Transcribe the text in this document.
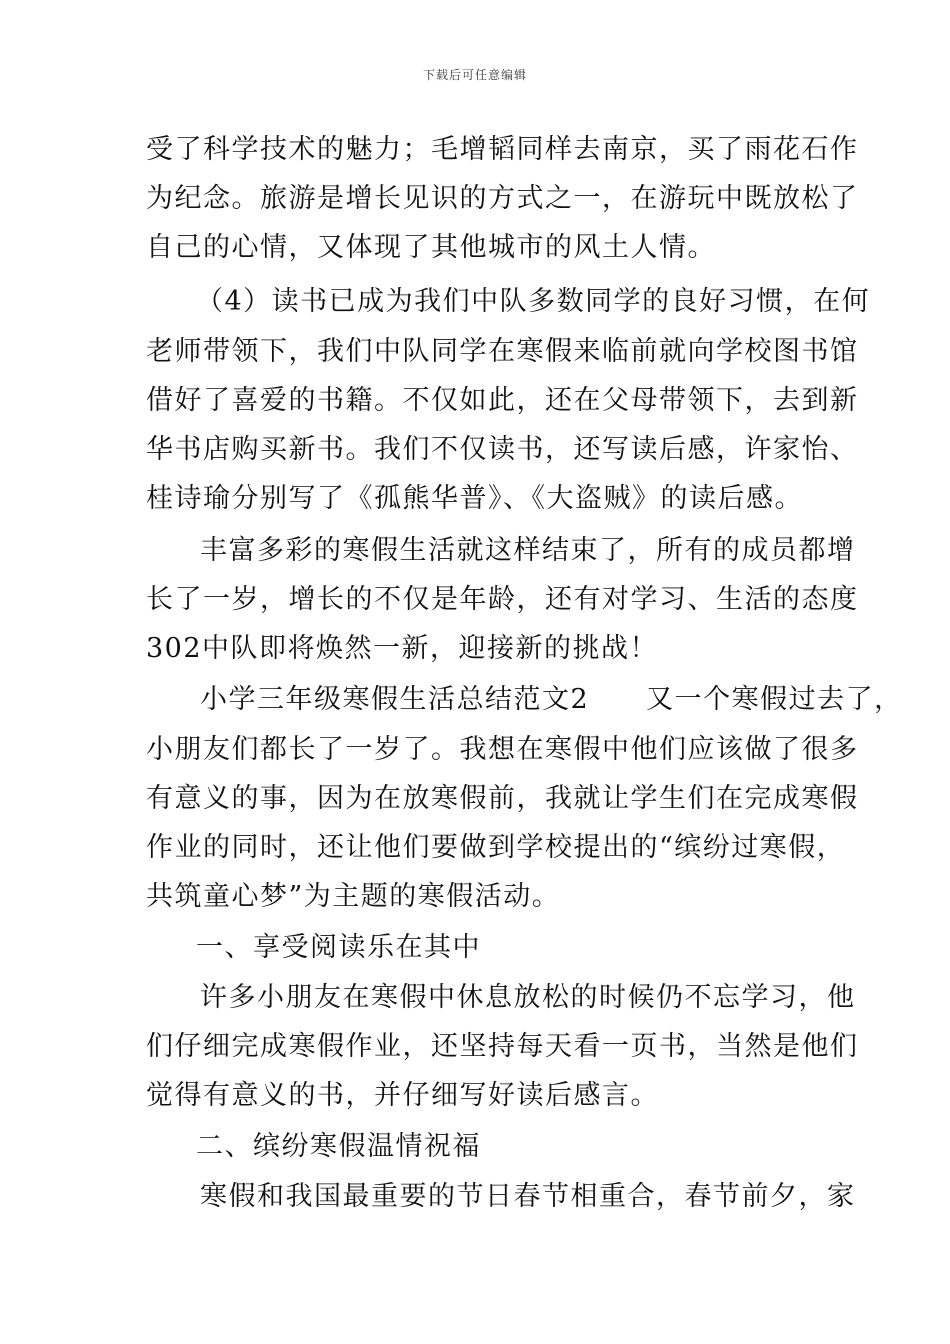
下载后可任意编辑
受了科学技术的魅力；毛增韬同样去南京，买了雨花石作
为纪念。旅游是增长见识的方式之一，在游玩中既放松了
自己的心情，又体现了其他城市的风土人情。
（4）读书已成为我们中队多数同学的良好习惯，在何
老师带领下，我们中队同学在寒假来临前就向学校图书馆
借好了喜爱的书籍。不仅如此，还在父母带领下，去到新
华书店购买新书。我们不仅读书，还写读后感，许家怡、
桂诗瑜分别写了《孤熊华普》、《大盗贼》的读后感。
丰富多彩的寒假生活就这样结束了，所有的成员都增
长了一岁，增长的不仅是年龄，还有对学习、生活的态度
302中队即将焕然一新，迎接新的挑战！
小学三年级寒假生活总结范文2　　又一个寒假过去了，
小朋友们都长了一岁了。我想在寒假中他们应该做了很多
有意义的事，因为在放寒假前，我就让学生们在完成寒假
作业的同时，还让他们要做到学校提出的“缤纷过寒假，
共筑童心梦”为主题的寒假活动。
一、享受阅读乐在其中
许多小朋友在寒假中休息放松的时候仍不忘学习，他
们仔细完成寒假作业，还坚持每天看一页书，当然是他们
觉得有意义的书，并仔细写好读后感言。
二、缤纷寒假温情祝福
寒假和我国最重要的节日春节相重合，春节前夕，家
